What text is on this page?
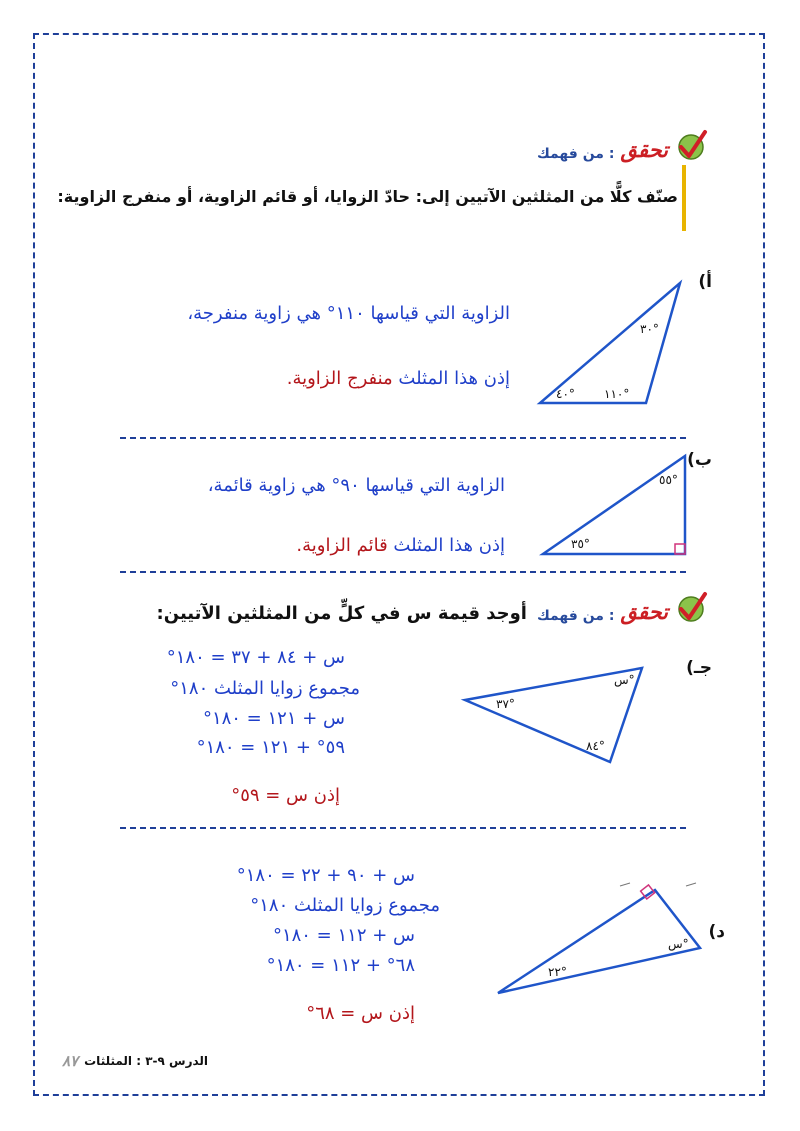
تحقق
من فهمك :
صنّف كلًّا من المثلثين الآتيين إلى: حادّ الزوايا، أو قائم الزاوية، أو منفرج الزاوية:
أ)
الزاوية التي قياسها ١١٠° هي زاوية منفرجة،
إذن هذا المثلث منفرج الزاوية.
٣٠°
١١٠°
٤٠°
ب)
الزاوية التي قياسها ٩٠° هي زاوية قائمة،
إذن هذا المثلث قائم الزاوية.
٥٥°
٣٥°
تحقق
من فهمك :
أوجد قيمة س في كلٍّ من المثلثين الآتيين:
جـ)
س + ٨٤ + ٣٧ = ١٨٠°
مجموع زوايا المثلث ١٨٠°
س + ١٢١ = ١٨٠°
٥٩° + ١٢١ = ١٨٠°
إذن س = ٥٩°
س°
٣٧°
٨٤°
د)
س + ٩٠ + ٢٢ = ١٨٠°
مجموع زوايا المثلث ١٨٠°
س + ١١٢ = ١٨٠°
٦٨° + ١١٢ = ١٨٠°
إذن س = ٦٨°
س°
٢٢°
الدرس ٩-٣ : المثلثات
٨٧
